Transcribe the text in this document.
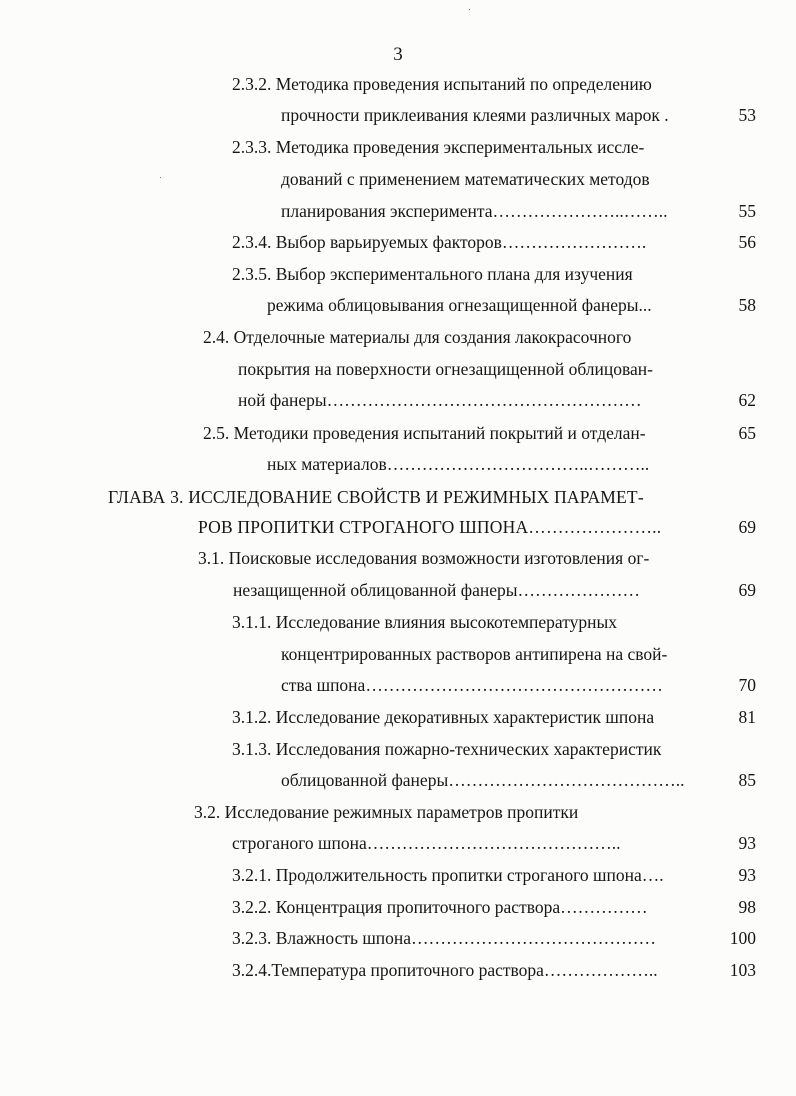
3
2.3.2. Методика проведения испытаний по определению
прочности приклеивания клеями различных марок .	53
2.3.3. Методика проведения экспериментальных иссле-
дований с применением математических методов
планирования эксперимента…………………..……..	55
2.3.4. Выбор варьируемых факторов…………………….	56
2.3.5. Выбор экспериментального плана для изучения
режима облицовывания огнезащищенной фанеры...	58
2.4. Отделочные материалы для создания лакокрасочного
покрытия на поверхности огнезащищенной облицован-
ной фанеры………………………………………………	62
2.5. Методики проведения испытаний покрытий и отделан-	65
ных материалов……………………………..………..
ГЛАВА 3. ИССЛЕДОВАНИЕ СВОЙСТВ И РЕЖИМНЫХ ПАРАМЕТ-
РОВ ПРОПИТКИ СТРОГАНОГО ШПОНА…………………..	69
3.1. Поисковые исследования возможности изготовления ог-
незащищенной облицованной фанеры…………………	69
3.1.1. Исследование влияния высокотемпературных
концентрированных растворов антипирена на свой-
ства шпона……………………………………………	70
3.1.2. Исследование декоративных характеристик шпона	81
3.1.3. Исследования пожарно-технических характеристик
облицованной фанеры…………………………………..	85
3.2. Исследование режимных параметров пропитки
строганого шпона……………………………………..	93
3.2.1. Продолжительность пропитки строганого шпона….	93
3.2.2. Концентрация пропиточного раствора……………	98
3.2.3. Влажность шпона……………………………………	100
3.2.4.Температура пропиточного раствора………………..	103
